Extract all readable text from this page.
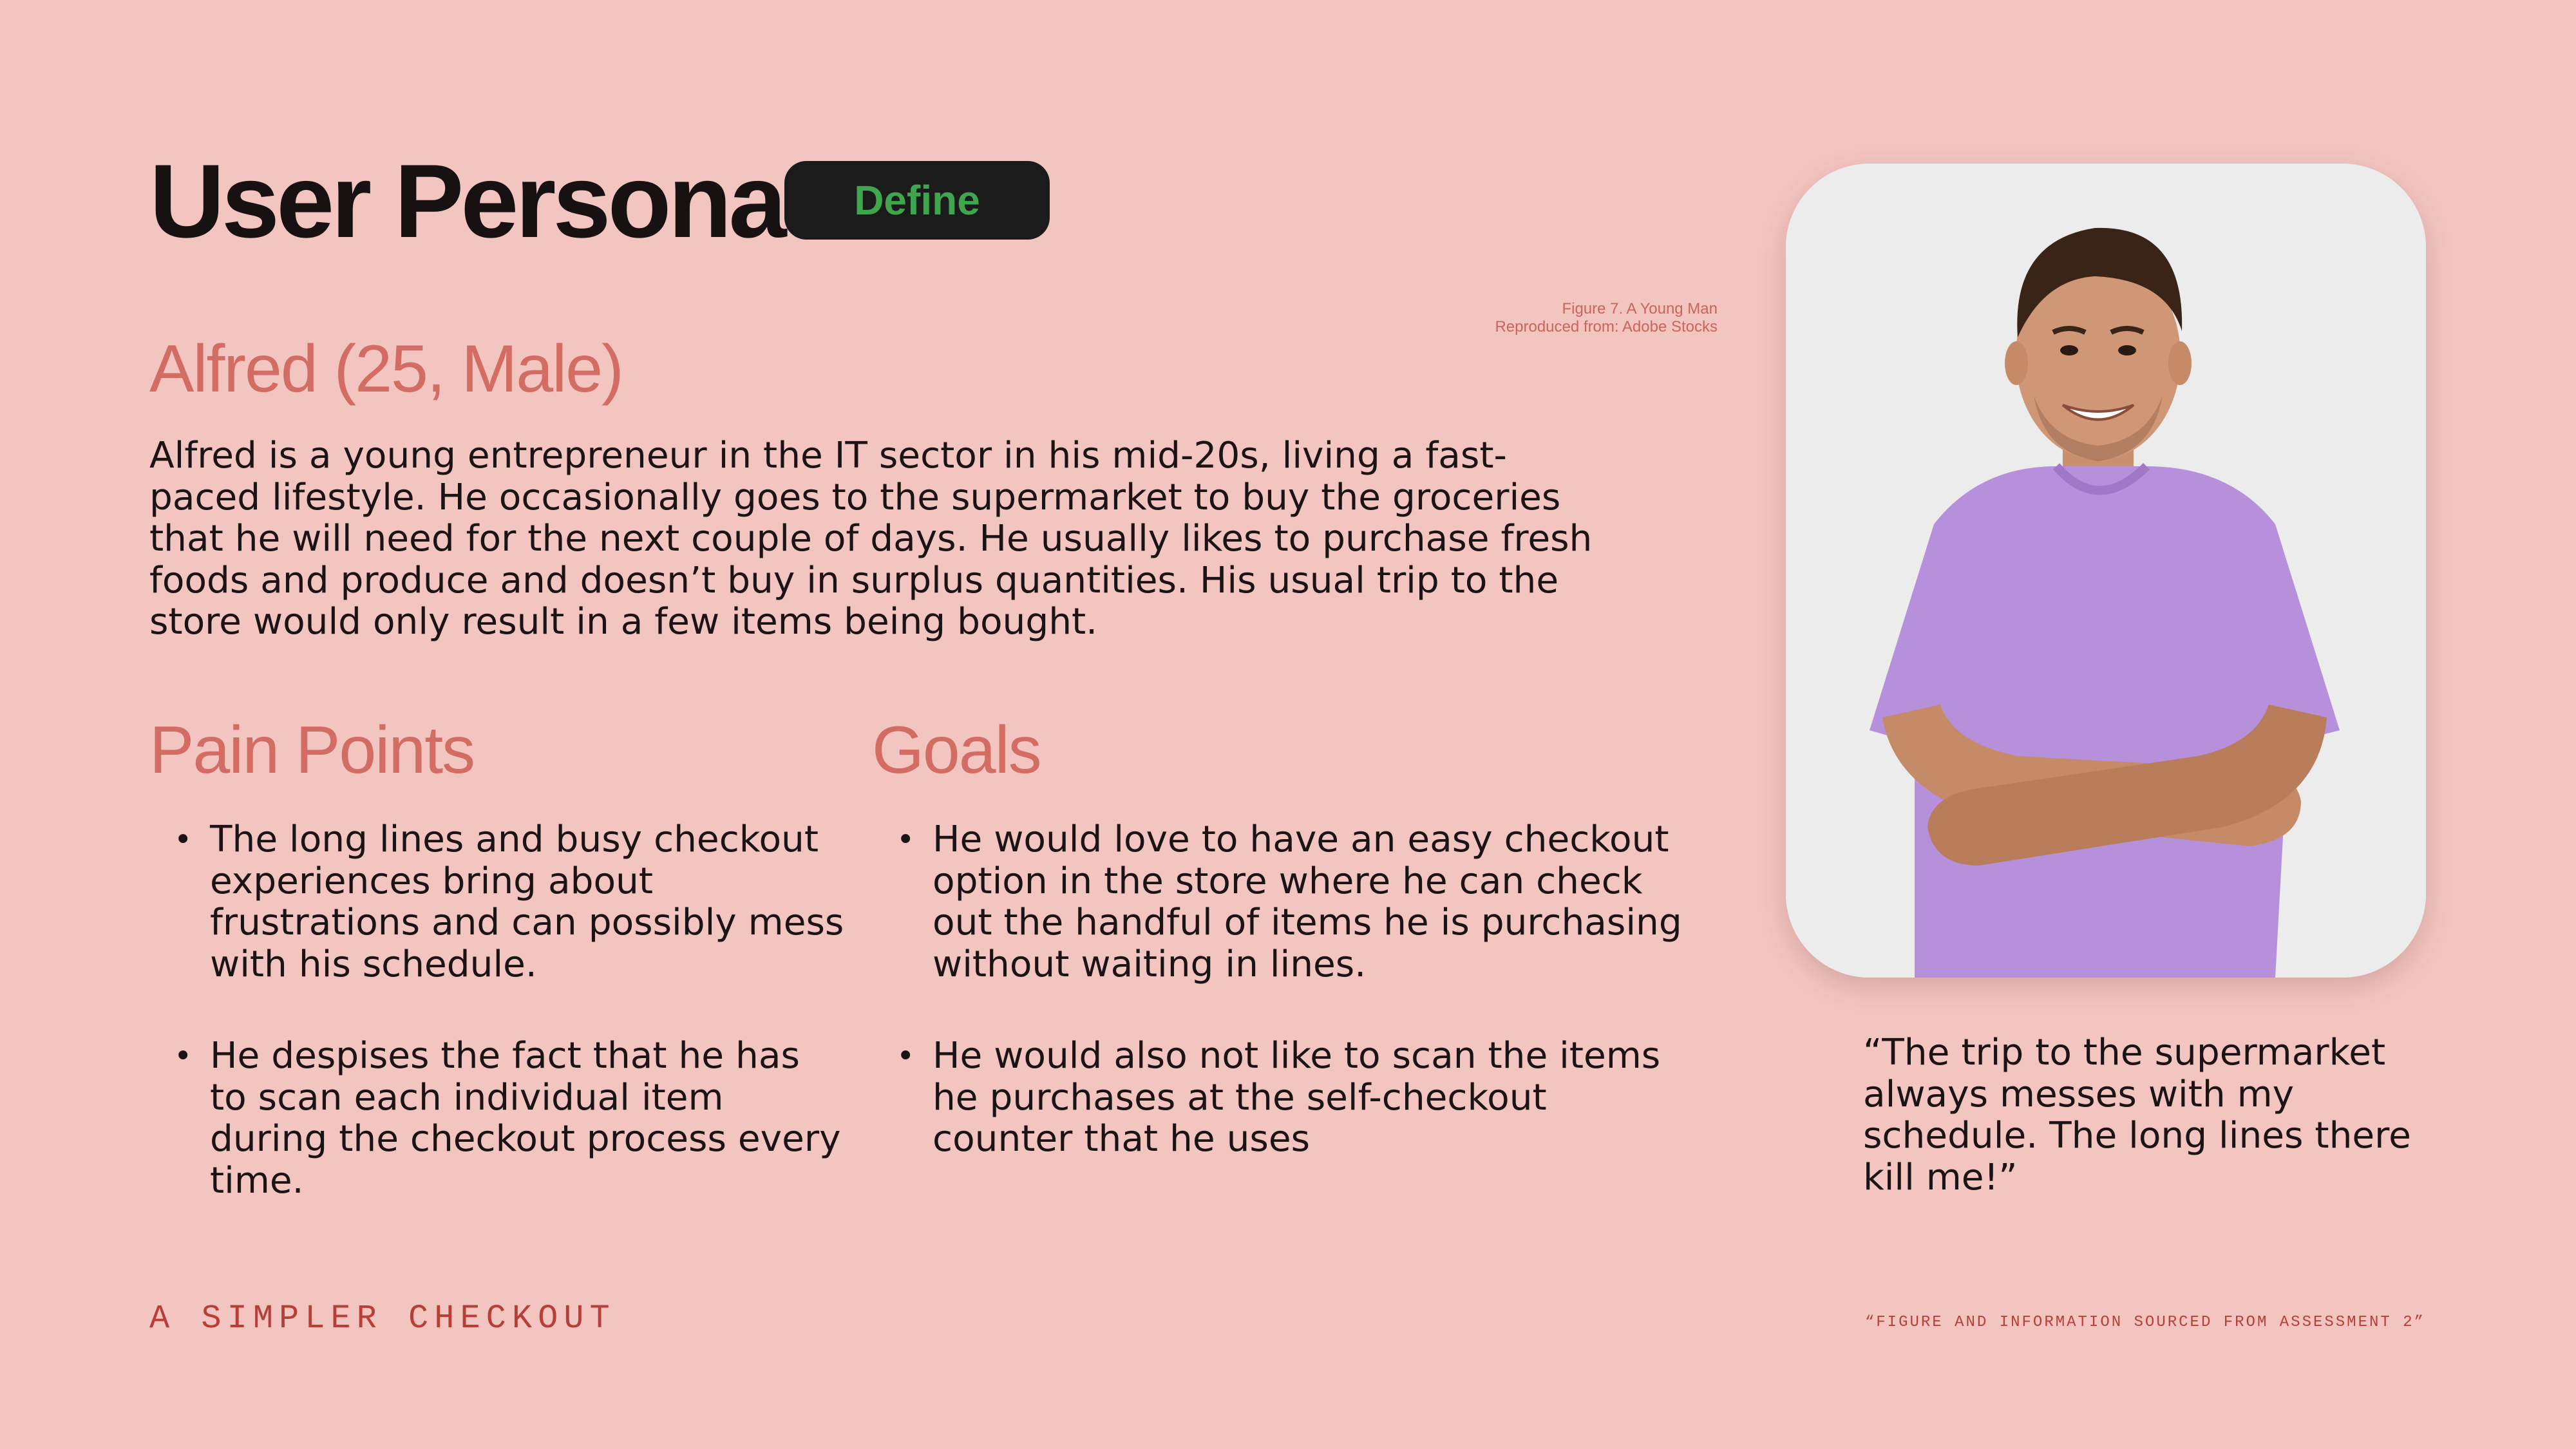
User Persona	Define
Figure 7. A Young Man
Reproduced from: Adobe Stocks
Alfred (25, Male)

Alfred is a young entrepreneur in the IT sector in his mid-20s, living a fast-paced lifestyle. He occasionally goes to the supermarket to buy the groceries that he will need for the next couple of days. He usually likes to purchase fresh foods and produce and doesn’t buy in surplus quantities. His usual trip to the store would only result in a few items being bought.

Pain Points	Goals
• The long lines and busy checkout experiences bring about frustrations and can possibly mess with his schedule.
• He despises the fact that he has to scan each individual item during the checkout process every time.
• He would love to have an easy checkout option in the store where he can check out the handful of items he is purchasing without waiting in lines.
• He would also not like to scan the items he purchases at the self-checkout counter that he uses

“The trip to the supermarket always messes with my schedule. The long lines there kill me!”

A SIMPLER CHECKOUT	“FIGURE AND INFORMATION SOURCED FROM ASSESSMENT 2”
